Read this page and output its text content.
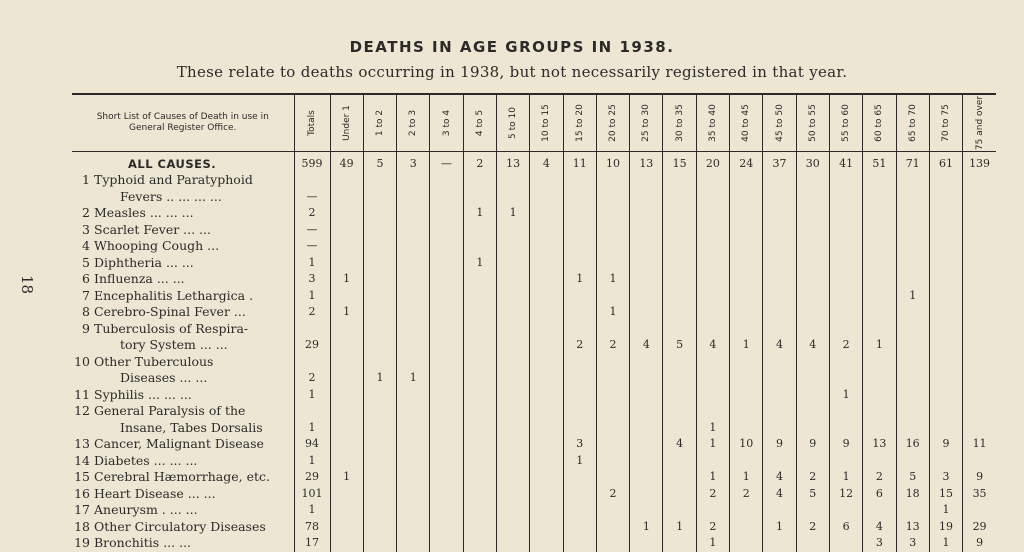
DEATHS IN AGE GROUPS IN 1938.
These relate to deaths occurring in 1938, but not necessarily registered in that year.
18
Short List of Causes of Death in use in General Register Office.	Totals	Under 1	1 to 2	2 to 3	3 to 4	4 to 5	5 to 10	10 to 15	15 to 20	20 to 25	25 to 30	30 to 35	35 to 40	40 to 45	45 to 50	50 to 55	55 to 60	60 to 65	65 to 70	70 to 75	75 and over

ALL CAUSES.	599	49	5	3	—	2	13	4	11	10	13	15	20	24	37	30	41	51	71	61	139

1 Typhoid and Paratyphoid
Fevers .. ... ... ...	—																				

2 Measles ... ... ...	2					1	1														

3 Scarlet Fever ... ...	—																				

4 Whooping Cough ...	—																				

5 Diphtheria ... ...	1					1															

6 Influenza ... ...	3	1							1	1											

7 Encephalitis Lethargica .	1																		1		

8 Cerebro-Spinal Fever ...	2	1								1											

9 Tuberculosis of Respira-
tory System ... ...	29								2	2	4	5	4	1	4	4	2	1			

10 Other Tuberculous
Diseases ... ...	2		1	1																	

11 Syphilis ... ... ...	1																1				

12 General Paralysis of the
Insane, Tabes Dorsalis	1												1								

13 Cancer, Malignant Disease	94								3			4	1	10	9	9	9	13	16	9	11

14 Diabetes ... ... ...	1								1												

15 Cerebral Hæmorrhage, etc.	29	1											1	1	4	2	1	2	5	3	9

16 Heart Disease ... ...	101									2			2	2	4	5	12	6	18	15	35

17 Aneurysm . ... ...	1																			1	

18 Other Circulatory Diseases	78										1	1	2		1	2	6	4	13	19	29

19 Bronchitis ... ...	17												1					3	3	1	9
